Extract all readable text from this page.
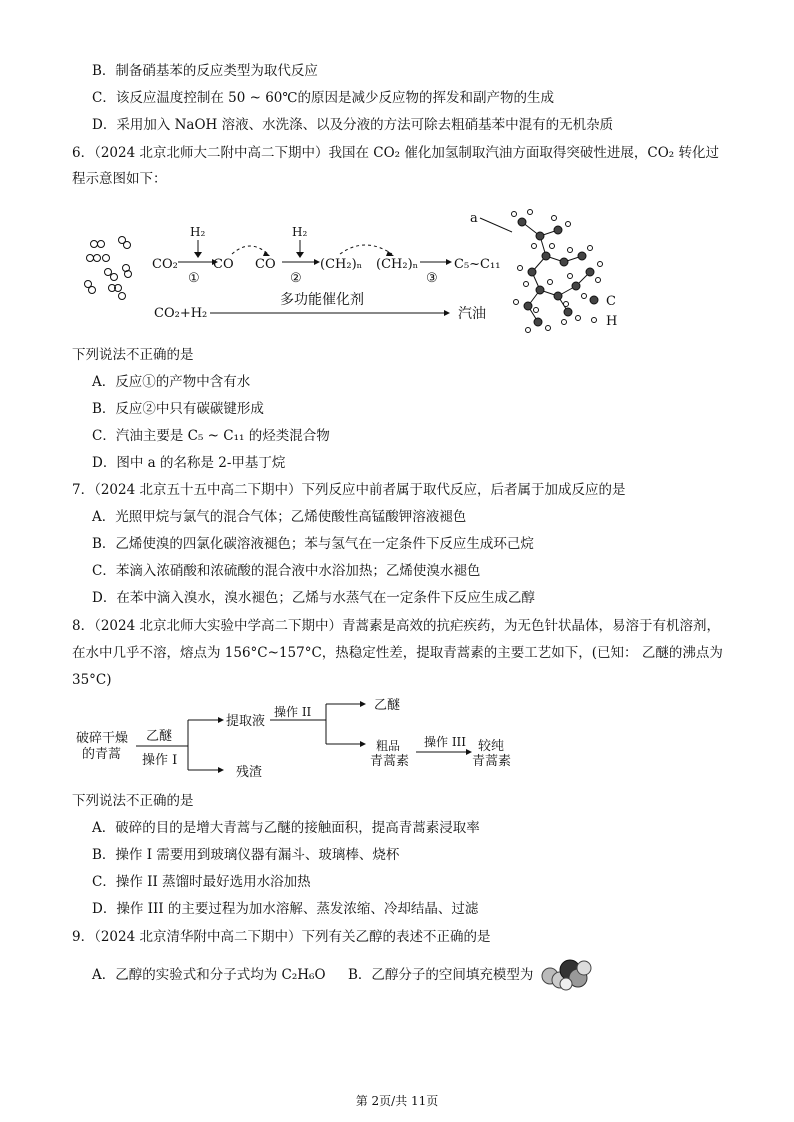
B．制备硝基苯的反应类型为取代反应
C．该反应温度控制在 50 ~ 60℃的原因是减少反应物的挥发和副产物的生成
D．采用加入 NaOH 溶液、水洗涤、以及分液的方法可除去粗硝基苯中混有的无机杂质
6．（2024 北京北师大二附中高二下期中）我国在 CO₂ 催化加氢制取汽油方面取得突破性进展，CO₂ 转化过
程示意图如下：
CO₂
H₂
①
CO CO
H₂
②
(CH₂)ₙ (CH₂)ₙ
③
C₅~C₁₁
CO₂+H₂
多功能催化剂
汽油
a
C
H
下列说法不正确的是
A．反应①的产物中含有水
B．反应②中只有碳碳键形成
C．汽油主要是 C₅ ~ C₁₁ 的烃类混合物
D．图中 a 的名称是 2-甲基丁烷
7．（2024 北京五十五中高二下期中）下列反应中前者属于取代反应，后者属于加成反应的是
A．光照甲烷与氯气的混合气体；乙烯使酸性高锰酸钾溶液褪色
B．乙烯使溴的四氯化碳溶液褪色；苯与氢气在一定条件下反应生成环己烷
C．苯滴入浓硝酸和浓硫酸的混合液中水浴加热；乙烯使溴水褪色
D．在苯中滴入溴水，溴水褪色；乙烯与水蒸气在一定条件下反应生成乙醇
8．（2024 北京北师大实验中学高二下期中）青蒿素是高效的抗疟疾药，为无色针状晶体，易溶于有机溶剂，
在水中几乎不溶，熔点为 156°C~157°C，热稳定性差，提取青蒿素的主要工艺如下，(已知： 乙醚的沸点为
35°C)
破碎干燥
的青蒿
乙醚
操作 I
提取液
残渣
操作 II	乙醚
粗品
青蒿素
操作 III 较纯
青蒿素
下列说法不正确的是
A．破碎的目的是增大青蒿与乙醚的接触面积，提高青蒿素浸取率
B．操作 I 需要用到玻璃仪器有漏斗、玻璃棒、烧杯
C．操作 II 蒸馏时最好选用水浴加热
D．操作 III 的主要过程为加水溶解、蒸发浓缩、冷却结晶、过滤
9．（2024 北京清华附中高二下期中）下列有关乙醇的表述不正确的是
A．乙醇的实验式和分子式均为 C₂H₆O B．乙醇分子的空间填充模型为
第 2页/共 11页
